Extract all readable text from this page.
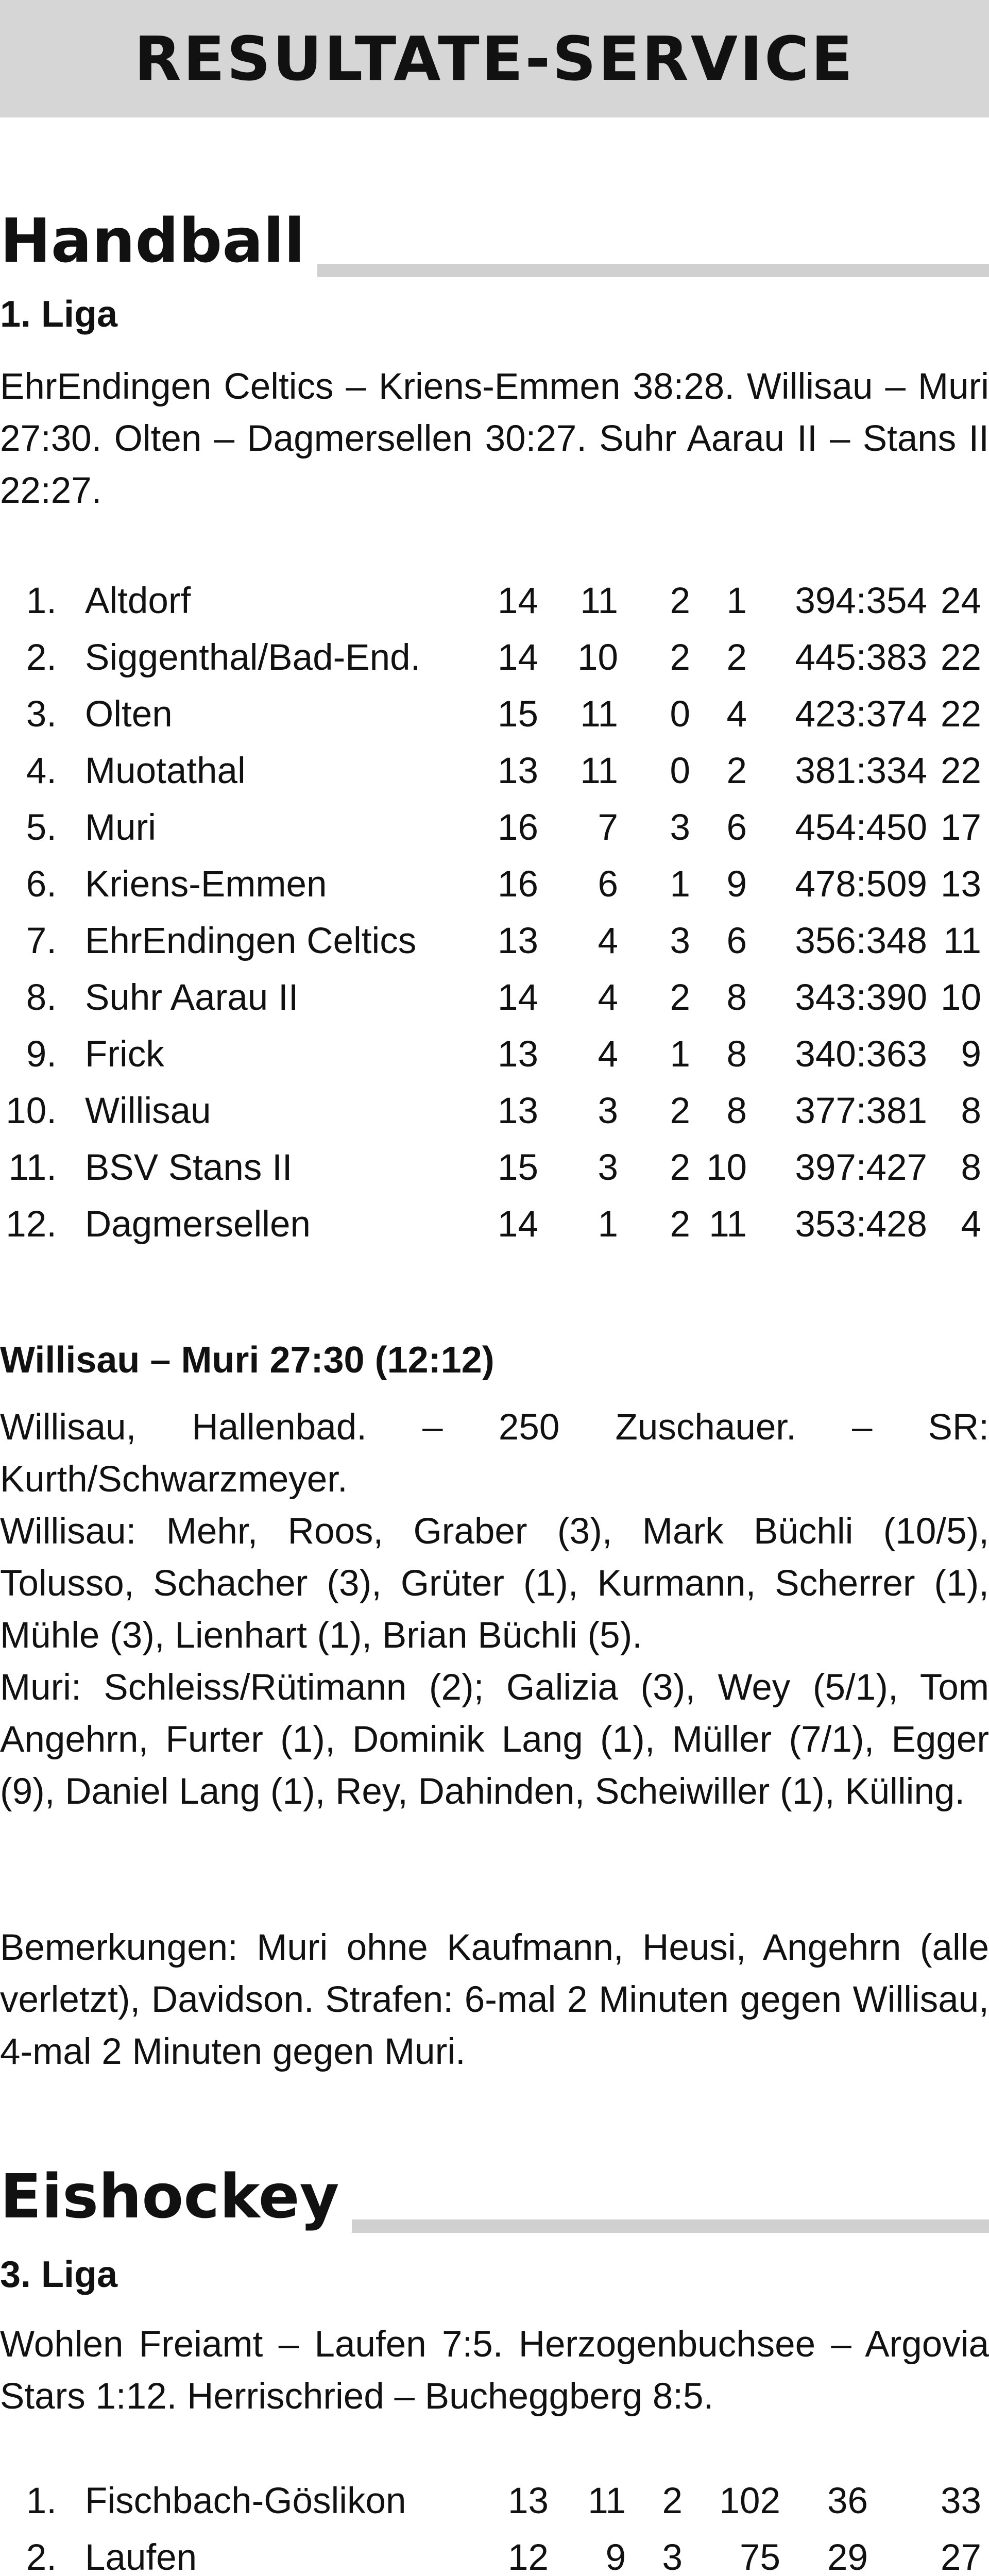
RESULTATE-SERVICE
Handball
1. Liga

EhrEndingen Celtics – Kriens-Emmen 38:28. Willisau – Muri 27:30. Olten – Dagmersellen 30:27. Suhr Aarau II – Stans II 22:27.

1. Altdorf	14 11 2 1 394:354 24
2. Siggenthal/Bad-End. 14 10 2 2 445:383 22
3. Olten	15 11 0 4 423:374 22
4. Muotathal	13 11 0 2 381:334 22
5. Muri	16 7 3 6 454:450 17
6. Kriens-Emmen	16 6 1 9 478:509 13
7. EhrEndingen Celtics 13 4 3 6 356:348 11
8. Suhr Aarau II	14 4 2 8 343:390 10
9. Frick	13 4 1 8 340:363 9
10. Willisau	13 3 2 8 377:381 8
11. BSV Stans II	15 3 2 10 397:427 8
12. Dagmersellen	14 1 2 11 353:428 4
Willisau – Muri 27:30 (12:12)

Willisau, Hallenbad. – 250 Zuschauer. – SR: Kurth/Schwarzmeyer.

Willisau: Mehr, Roos, Graber (3), Mark Büchli (10/5), Tolusso, Schacher (3), Grüter (1), Kurmann, Scherrer (1), Mühle (3), Lienhart (1), Brian Büchli (5).

Muri: Schleiss/Rütimann (2); Galizia (3), Wey (5/1), Tom Angehrn, Furter (1), Dominik Lang (1), Müller (7/1), Egger (9), Daniel Lang (1), Rey, Dahinden, Scheiwiller (1), Külling.

Bemerkungen: Muri ohne Kaufmann, Heusi, Angehrn (alle verletzt), Davidson. Strafen: 6-mal 2 Minuten gegen Willisau, 4-mal 2 Minuten gegen Muri.

Eishockey
3. Liga

Wohlen Freiamt – Laufen 7:5. Herzogenbuchsee – Argovia Stars 1:12. Herrischried – Bucheggberg 8:5.

1. Fischbach-Göslikon	13 11 2 102 36 33
2. Laufen	12 9 3 75 29 27
